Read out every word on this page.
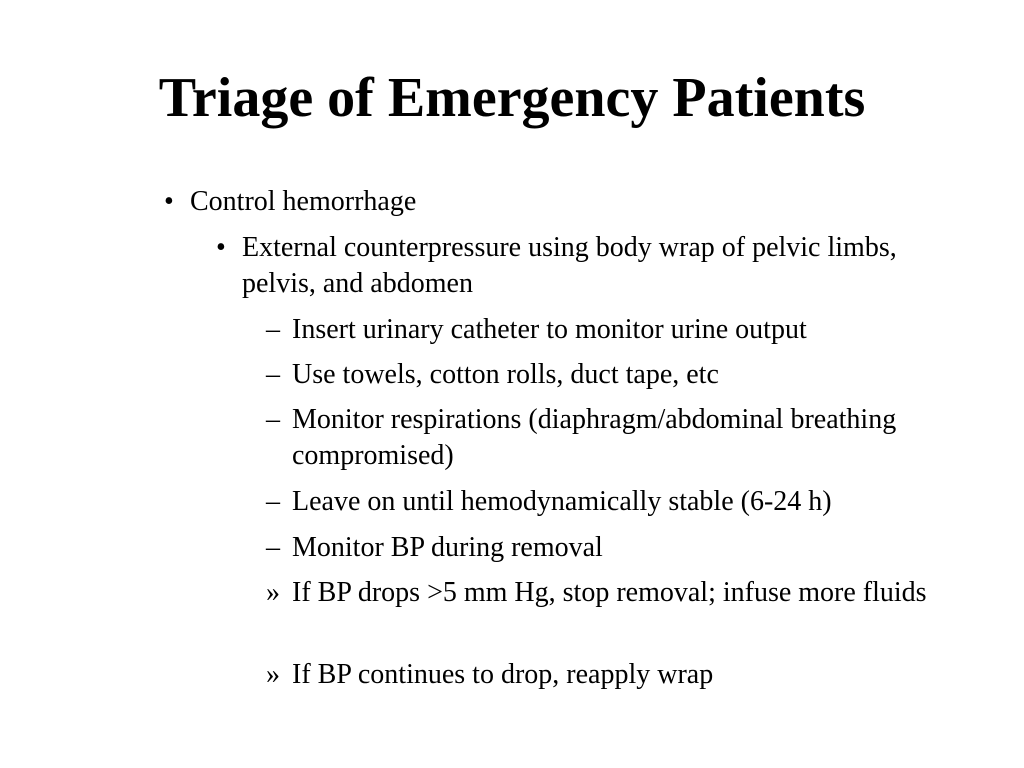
Triage of Emergency Patients
• Control hemorrhage
• External counterpressure using body wrap of pelvic limbs, pelvis, and abdomen
– Insert urinary catheter to monitor urine output
– Use towels, cotton rolls, duct tape, etc
– Monitor respirations (diaphragm/abdominal breathing compromised)
– Leave on until hemodynamically stable (6-24 h)
– Monitor BP during removal
» If BP drops >5 mm Hg, stop removal; infuse more fluids
» If BP continues to drop, reapply wrap
